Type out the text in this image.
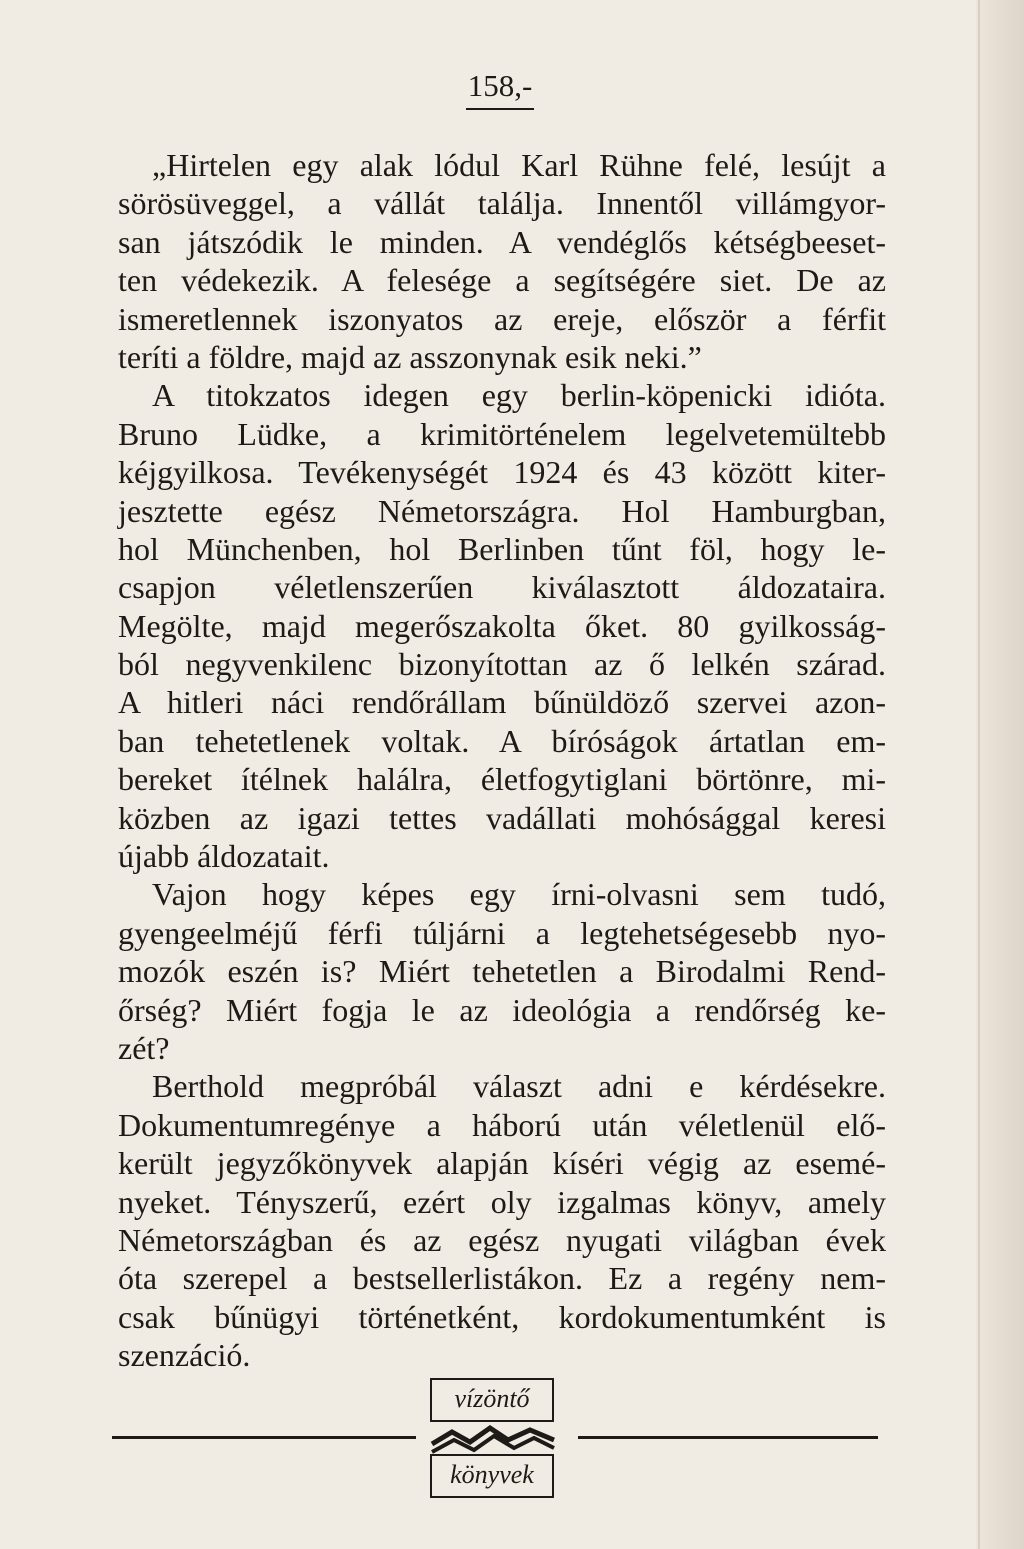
158,-
„Hirtelen egy alak lódul Karl Rühne felé, lesújt a
sörösüveggel, a vállát találja. Innentől villámgyor-
san játszódik le minden. A vendéglős kétségbeeset-
ten védekezik. A felesége a segítségére siet. De az
ismeretlennek iszonyatos az ereje, először a férfit
teríti a földre, majd az asszonynak esik neki.”
A titokzatos idegen egy berlin-köpenicki idióta.
Bruno Lüdke, a krimitörténelem legelvetemültebb
kéjgyilkosa. Tevékenységét 1924 és 43 között kiter-
jesztette egész Németországra. Hol Hamburgban,
hol Münchenben, hol Berlinben tűnt föl, hogy le-
csapjon véletlenszerűen kiválasztott áldozataira.
Megölte, majd megerőszakolta őket. 80 gyilkosság-
ból negyvenkilenc bizonyítottan az ő lelkén szárad.
A hitleri náci rendőrállam bűnüldöző szervei azon-
ban tehetetlenek voltak. A bíróságok ártatlan em-
bereket ítélnek halálra, életfogytiglani börtönre, mi-
közben az igazi tettes vadállati mohósággal keresi
újabb áldozatait.
Vajon hogy képes egy írni-olvasni sem tudó,
gyengeelméjű férfi túljárni a legtehetségesebb nyo-
mozók eszén is? Miért tehetetlen a Birodalmi Rend-
őrség? Miért fogja le az ideológia a rendőrség ke-
zét?
Berthold megpróbál választ adni e kérdésekre.
Dokumentumregénye a háború után véletlenül elő-
került jegyzőkönyvek alapján kíséri végig az esemé-
nyeket. Tényszerű, ezért oly izgalmas könyv, amely
Németországban és az egész nyugati világban évek
óta szerepel a bestsellerlistákon. Ez a regény nem-
csak bűnügyi történetként, kordokumentumként is
szenzáció.
vízöntő
könyvek
